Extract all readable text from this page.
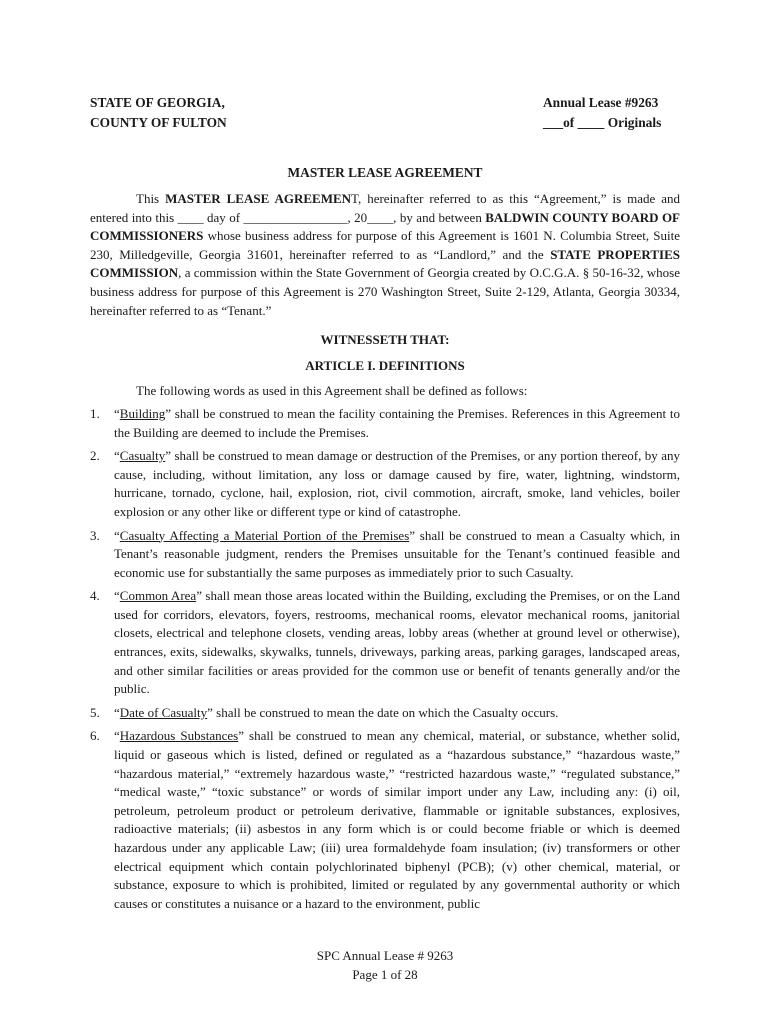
STATE OF GEORGIA,
COUNTY OF FULTON
Annual Lease #9263
___of ____ Originals
MASTER LEASE AGREEMENT

This MASTER LEASE AGREEMENT, hereinafter referred to as this “Agreement,” is made and entered into this ____ day of ________________, 20____, by and between BALDWIN COUNTY BOARD OF COMMISSIONERS whose business address for purpose of this Agreement is 1601 N. Columbia Street, Suite 230, Milledgeville, Georgia 31601, hereinafter referred to as “Landlord,” and the STATE PROPERTIES COMMISSION, a commission within the State Government of Georgia created by O.C.G.A. § 50-16-32, whose business address for purpose of this Agreement is 270 Washington Street, Suite 2-129, Atlanta, Georgia 30334, hereinafter referred to as “Tenant.”

WITNESSETH THAT:

ARTICLE I. DEFINITIONS

The following words as used in this Agreement shall be defined as follows:

1. “Building” shall be construed to mean the facility containing the Premises. References in this Agreement to the Building are deemed to include the Premises.
2. “Casualty” shall be construed to mean damage or destruction of the Premises, or any portion thereof, by any cause, including, without limitation, any loss or damage caused by fire, water, lightning, windstorm, hurricane, tornado, cyclone, hail, explosion, riot, civil commotion, aircraft, smoke, land vehicles, boiler explosion or any other like or different type or kind of catastrophe.
3. “Casualty Affecting a Material Portion of the Premises” shall be construed to mean a Casualty which, in Tenant’s reasonable judgment, renders the Premises unsuitable for the Tenant’s continued feasible and economic use for substantially the same purposes as immediately prior to such Casualty.
4. “Common Area” shall mean those areas located within the Building, excluding the Premises, or on the Land used for corridors, elevators, foyers, restrooms, mechanical rooms, elevator mechanical rooms, janitorial closets, electrical and telephone closets, vending areas, lobby areas (whether at ground level or otherwise), entrances, exits, sidewalks, skywalks, tunnels, driveways, parking areas, parking garages, landscaped areas, and other similar facilities or areas provided for the common use or benefit of tenants generally and/or the public.
5. “Date of Casualty” shall be construed to mean the date on which the Casualty occurs.
6. “Hazardous Substances” shall be construed to mean any chemical, material, or substance, whether solid, liquid or gaseous which is listed, defined or regulated as a “hazardous substance,” “hazardous waste,” “hazardous material,” “extremely hazardous waste,” “restricted hazardous waste,” “regulated substance,” “medical waste,” “toxic substance” or words of similar import under any Law, including any: (i) oil, petroleum, petroleum product or petroleum derivative, flammable or ignitable substances, explosives, radioactive materials; (ii) asbestos in any form which is or could become friable or which is deemed hazardous under any applicable Law; (iii) urea formaldehyde foam insulation; (iv) transformers or other electrical equipment which contain polychlorinated biphenyl (PCB); (v) other chemical, material, or substance, exposure to which is prohibited, limited or regulated by any governmental authority or which causes or constitutes a nuisance or a hazard to the environment, public
SPC Annual Lease # 9263
Page 1 of 28
